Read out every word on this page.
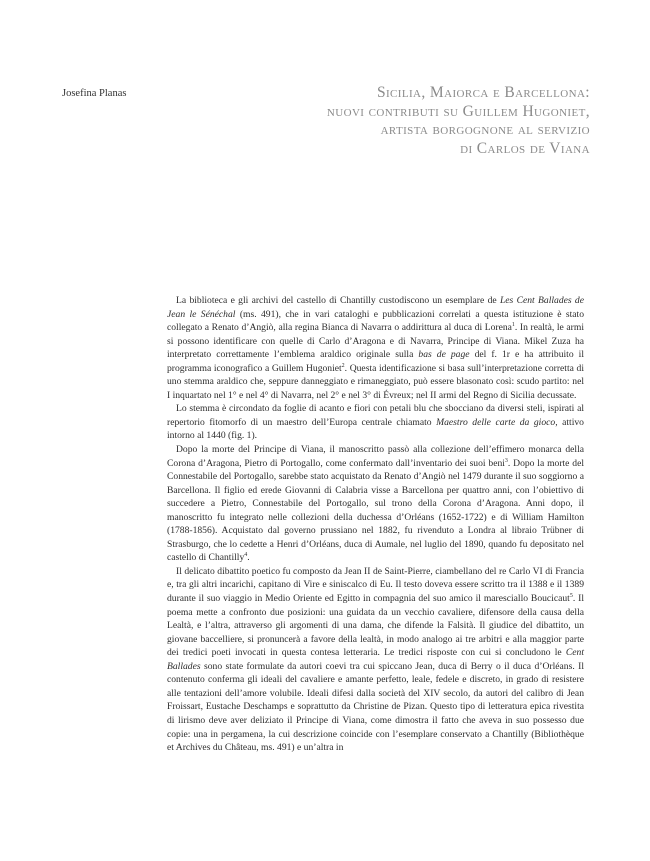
Josefina Planas	Sicilia, Maiorca e Barcellona:
nuovi contributi su Guillem Hugoniet,
artista borgognone al servizio
di Carlos de Viana

La biblioteca e gli archivi del castello di Chantilly custodiscono un esemplare de Les Cent Ballades de Jean le Sénéchal (ms. 491), che in vari cataloghi e pubblicazioni correlati a questa istituzione è stato collegato a Renato d’Angiò, alla regina Bianca di Navarra o addirittura al duca di Lorena$^1$. In realtà, le armi si possono identificare con quelle di Carlo d’Aragona e di Navarra, Principe di Viana. Mikel Zuza ha interpretato correttamente l’emblema araldico originale sulla bas de page del f. 1r e ha attribuito il programma iconografico a Guillem Hugoniet$^2$. Questa identificazione si basa sull’interpretazione corretta di uno stemma araldico che, seppure danneggiato e rimaneggiato, può essere blasonato così: scudo partito: nel I inquartato nel 1° e nel 4° di Navarra, nel 2° e nel 3° di Évreux; nel II armi del Regno di Sicilia decussate.

Lo stemma è circondato da foglie di acanto e fiori con petali blu che sbocciano da diversi steli, ispirati al repertorio fitomorfo di un maestro dell’Europa centrale chiamato Maestro delle carte da gioco, attivo intorno al 1440 (fig. 1).

Dopo la morte del Principe di Viana, il manoscritto passò alla collezione dell’effimero monarca della Corona d’Aragona, Pietro di Portogallo, come confermato dall’inventario dei suoi beni$^3$. Dopo la morte del Connestabile del Portogallo, sarebbe stato acquistato da Renato d’Angiò nel 1479 durante il suo soggiorno a Barcellona. Il figlio ed erede Giovanni di Calabria visse a Barcellona per quattro anni, con l’obiettivo di succedere a Pietro, Connestabile del Portogallo, sul trono della Corona d’Aragona. Anni dopo, il manoscritto fu integrato nelle collezioni della duchessa d’Orléans (1652-1722) e di William Hamilton (1788-1856). Acquistato dal governo prussiano nel 1882, fu rivenduto a Londra al libraio Trübner di Strasburgo, che lo cedette a Henri d’Orléans, duca di Aumale, nel luglio del 1890, quando fu depositato nel castello di Chantilly$^4$.

Il delicato dibattito poetico fu composto da Jean II de Saint-Pierre, ciambellano del re Carlo VI di Francia e, tra gli altri incarichi, capitano di Vire e siniscalco di Eu. Il testo doveva essere scritto tra il 1388 e il 1389 durante il suo viaggio in Medio Oriente ed Egitto in compagnia del suo amico il maresciallo Boucicaut$^5$. Il poema mette a confronto due posizioni: una guidata da un vecchio cavaliere, difensore della causa della Lealtà, e l’altra, attraverso gli argomenti di una dama, che difende la Falsità. Il giudice del dibattito, un giovane baccelliere, si pronuncerà a favore della lealtà, in modo analogo ai tre arbitri e alla maggior parte dei tredici poeti invocati in questa contesa letteraria. Le tredici risposte con cui si concludono le Cent Ballades sono state formulate da autori coevi tra cui spiccano Jean, duca di Berry o il duca d’Orléans. Il contenuto conferma gli ideali del cavaliere e amante perfetto, leale, fedele e discreto, in grado di resistere alle tentazioni dell’amore volubile. Ideali difesi dalla società del XIV secolo, da autori del calibro di Jean Froissart, Eustache Deschamps e soprattutto da Christine de Pizan. Questo tipo di letteratura epica rivestita di lirismo deve aver deliziato il Principe di Viana, come dimostra il fatto che aveva in suo possesso due copie: una in pergamena, la cui descrizione coincide con l’esemplare conservato a Chantilly (Bibliothèque et Archives du Château, ms. 491) e un’altra in
